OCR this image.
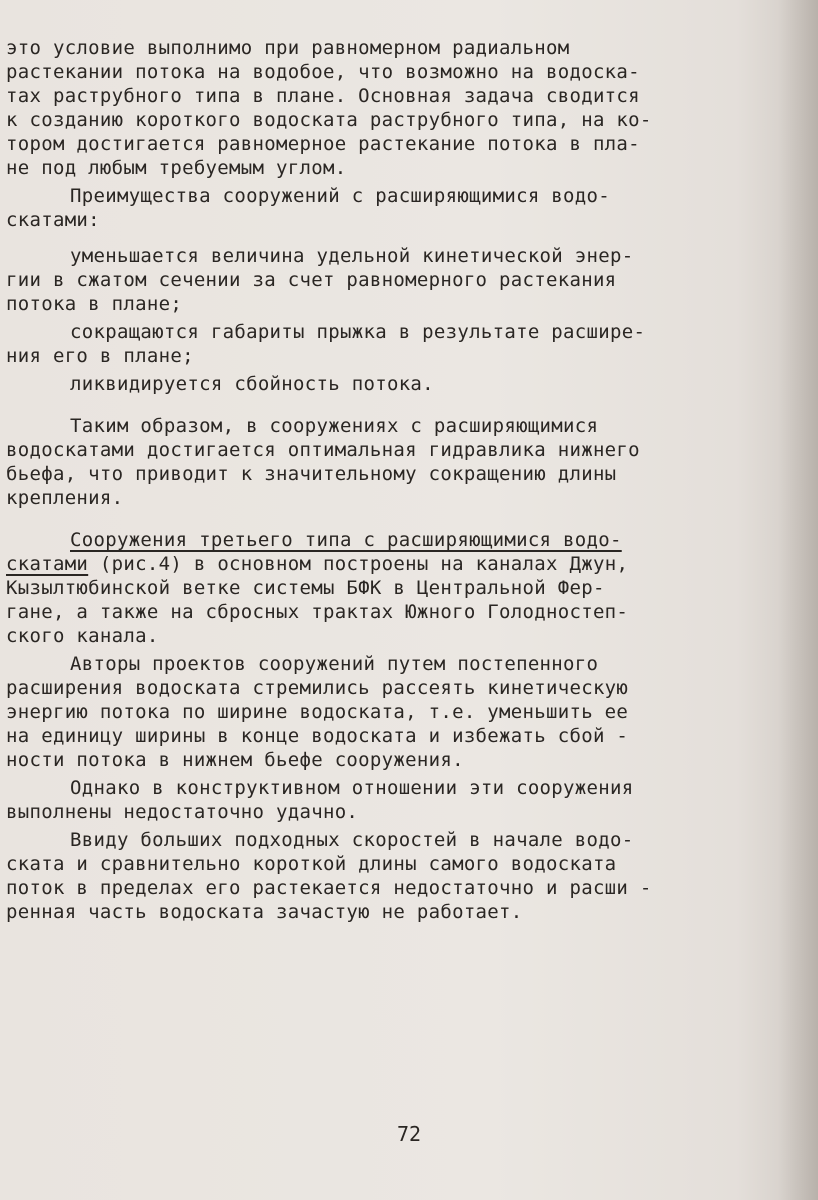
это условие выполнимо при равномерном радиальном
растекании потока на водобое, что возможно на водоска-
тах раструбного типа в плане. Основная задача сводится
к созданию короткого водоската раструбного типа, на ко-
тором достигается равномерное растекание потока в пла-
не под любым требуемым углом.
Преимущества сооружений с расширяющимися водо-
скатами:
уменьшается величина удельной кинетической энер-
гии в сжатом сечении за счет равномерного растекания
потока в плане;
сокращаются габариты прыжка в результате расшире-
ния его в плане;
ликвидируется сбойность потока.
Таким образом, в сооружениях с расширяющимися
водоскатами достигается оптимальная гидравлика нижнего
бьефа, что приводит к значительному сокращению длины
крепления.
Сооружения третьего типа с расширяющимися водо-
скатами (рис.4) в основном построены на каналах Джун,
Кызылтюбинской ветке системы БФК в Центральной Фер-
гане, а также на сбросных трактах Южного Голодностеп-
ского канала.
Авторы проектов сооружений путем постепенного
расширения водоската стремились рассеять кинетическую
энергию потока по ширине водоската, т.е. уменьшить ее
на единицу ширины в конце водоската и избежать сбой -
ности потока в нижнем бьефе сооружения.
Однако в конструктивном отношении эти сооружения
выполнены недостаточно удачно.
Ввиду больших подходных скоростей в начале водо-
ската и сравнительно короткой длины самого водоската
поток в пределах его растекается недостаточно и расши -
ренная часть водоската зачастую не работает.
72
